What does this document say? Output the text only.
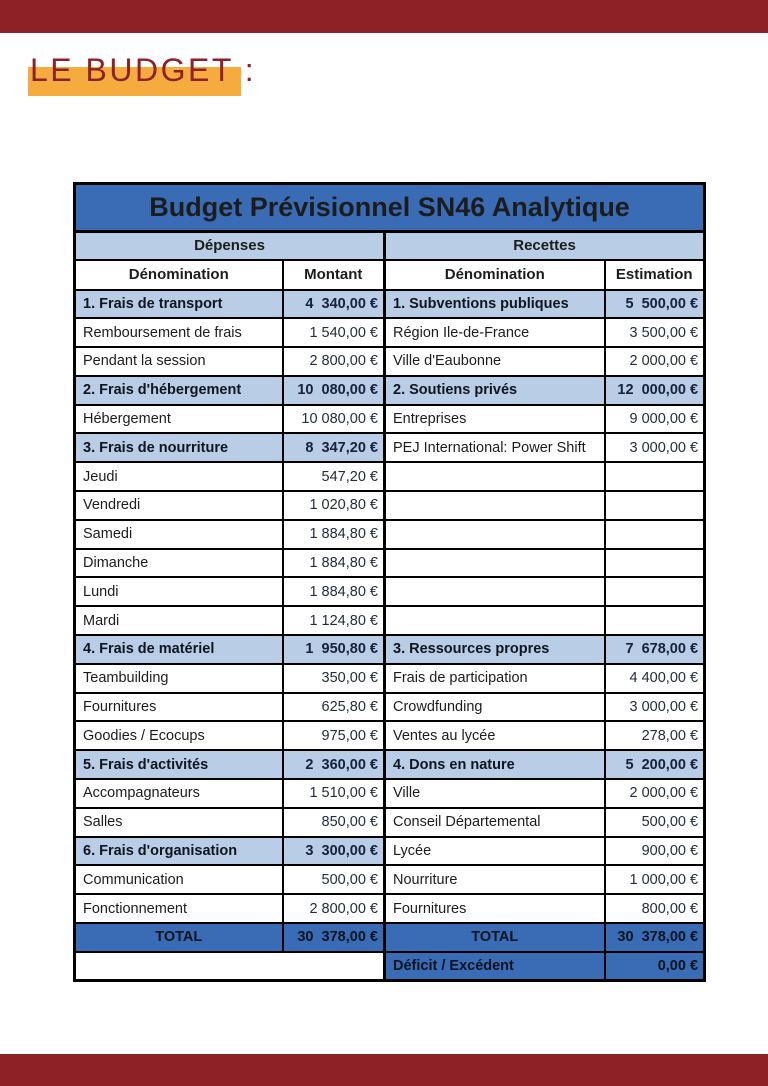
LE BUDGET :
Budget Prévisionnel SN46 Analytique			
Dépenses		Recettes	
Dénomination	Montant	Dénomination	Estimation
1. Frais de transport	4  340,00 €	1. Subventions publiques	5  500,00 €
Remboursement de frais	1 540,00 €	Région Ile-de-France	3 500,00 €
Pendant la session	2 800,00 €	Ville d'Eaubonne	2 000,00 €
2. Frais d'hébergement	10  080,00 €	2. Soutiens privés	12  000,00 €
Hébergement	10 080,00 €	Entreprises	9 000,00 €
3. Frais de nourriture	8  347,20 €	PEJ International: Power Shift	3 000,00 €
Jeudi	547,20 €		
Vendredi	1 020,80 €		
Samedi	1 884,80 €		
Dimanche	1 884,80 €		
Lundi	1 884,80 €		
Mardi	1 124,80 €		
4. Frais de matériel	1  950,80 €	3. Ressources propres	7  678,00 €
Teambuilding	350,00 €	Frais de participation	4 400,00 €
Fournitures	625,80 €	Crowdfunding	3 000,00 €
Goodies / Ecocups	975,00 €	Ventes au lycée	278,00 €
5. Frais d'activités	2  360,00 €	4. Dons en nature	5  200,00 €
Accompagnateurs	1 510,00 €	Ville	2 000,00 €
Salles	850,00 €	Conseil Départemental	500,00 €
6. Frais d'organisation	3  300,00 €	Lycée	900,00 €
Communication	500,00 €	Nourriture	1 000,00 €
Fonctionnement	2 800,00 €	Fournitures	800,00 €
TOTAL	30  378,00 €	TOTAL	30  378,00 €
		Déficit / Excédent	0,00 €
